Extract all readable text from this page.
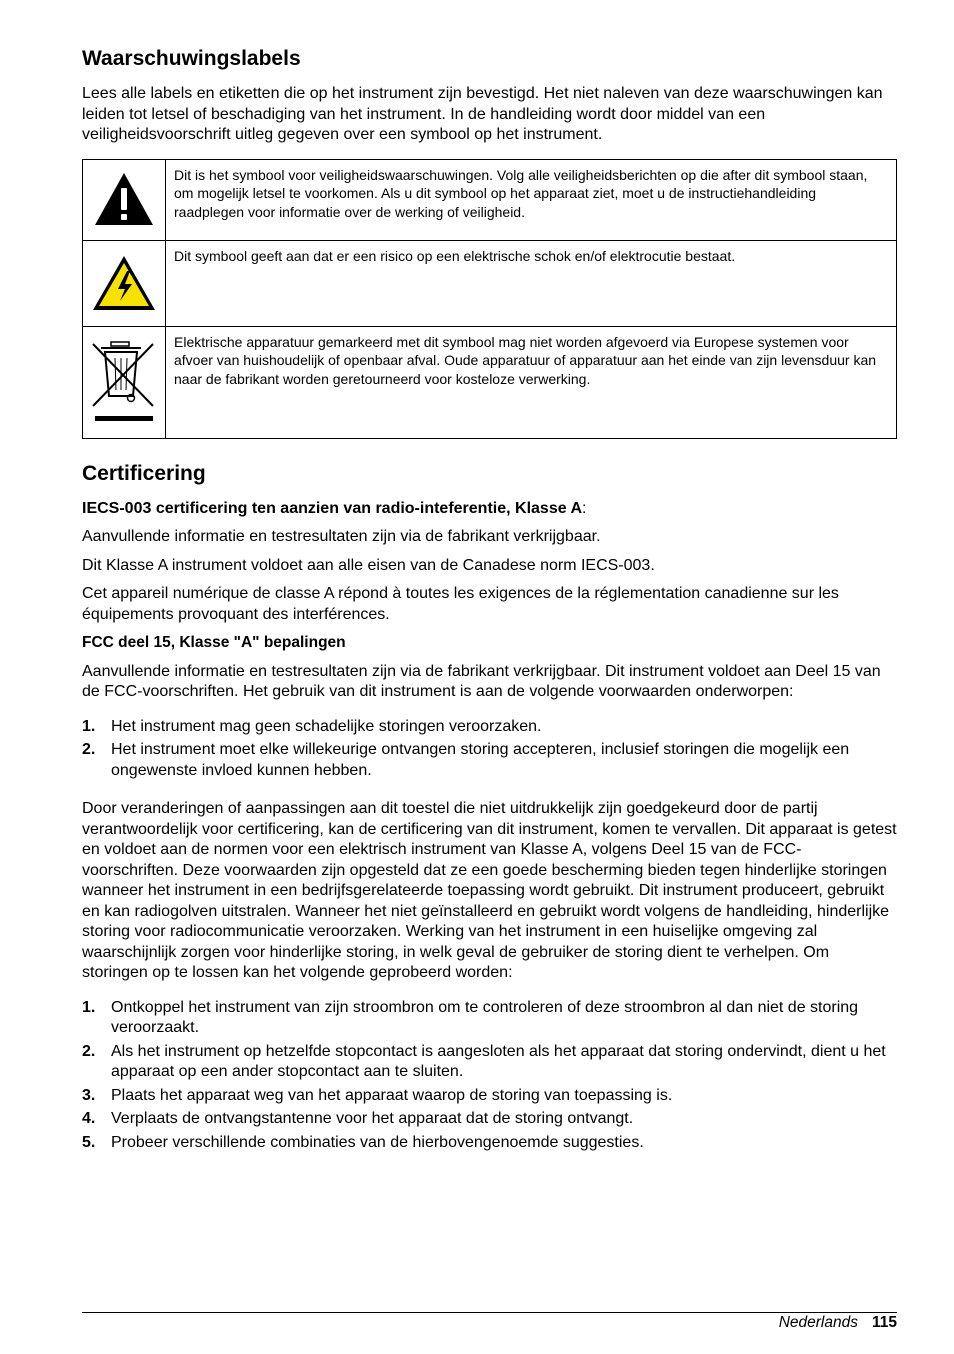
Waarschuwingslabels

Lees alle labels en etiketten die op het instrument zijn bevestigd. Het niet naleven van deze waarschuwingen kan leiden tot letsel of beschadiging van het instrument. In de handleiding wordt door middel van een veiligheidsvoorschrift uitleg gegeven over een symbool op het instrument.

	Dit is het symbool voor veiligheidswaarschuwingen. Volg alle veiligheidsberichten op die after dit symbool staan, om mogelijk letsel te voorkomen. Als u dit symbool op het apparaat ziet, moet u de instructiehandleiding raadplegen voor informatie over de werking of veiligheid.

	Dit symbool geeft aan dat er een risico op een elektrische schok en/of elektrocutie bestaat.

	Elektrische apparatuur gemarkeerd met dit symbool mag niet worden afgevoerd via Europese systemen voor afvoer van huishoudelijk of openbaar afval. Oude apparatuur of apparatuur aan het einde van zijn levensduur kan naar de fabrikant worden geretourneerd voor kosteloze verwerking.
Certificering

IECS-003 certificering ten aanzien van radio-inteferentie, Klasse A:

Aanvullende informatie en testresultaten zijn via de fabrikant verkrijgbaar.

Dit Klasse A instrument voldoet aan alle eisen van de Canadese norm IECS-003.

Cet appareil numérique de classe A répond à toutes les exigences de la réglementation canadienne sur les équipements provoquant des interférences.

FCC deel 15, Klasse "A" bepalingen

Aanvullende informatie en testresultaten zijn via de fabrikant verkrijgbaar. Dit instrument voldoet aan Deel 15 van de FCC-voorschriften. Het gebruik van dit instrument is aan de volgende voorwaarden onderworpen:

1. Het instrument mag geen schadelijke storingen veroorzaken.
2. Het instrument moet elke willekeurige ontvangen storing accepteren, inclusief storingen die mogelijk een ongewenste invloed kunnen hebben.

Door veranderingen of aanpassingen aan dit toestel die niet uitdrukkelijk zijn goedgekeurd door de partij verantwoordelijk voor certificering, kan de certificering van dit instrument, komen te vervallen. Dit apparaat is getest en voldoet aan de normen voor een elektrisch instrument van Klasse A, volgens Deel 15 van de FCC-voorschriften. Deze voorwaarden zijn opgesteld dat ze een goede bescherming bieden tegen hinderlijke storingen wanneer het instrument in een bedrijfsgerelateerde toepassing wordt gebruikt. Dit instrument produceert, gebruikt en kan radiogolven uitstralen. Wanneer het niet geïnstalleerd en gebruikt wordt volgens de handleiding, hinderlijke storing voor radiocommunicatie veroorzaken. Werking van het instrument in een huiselijke omgeving zal waarschijnlijk zorgen voor hinderlijke storing, in welk geval de gebruiker de storing dient te verhelpen. Om storingen op te lossen kan het volgende geprobeerd worden:

1. Ontkoppel het instrument van zijn stroombron om te controleren of deze stroombron al dan niet de storing veroorzaakt.
2. Als het instrument op hetzelfde stopcontact is aangesloten als het apparaat dat storing ondervindt, dient u het apparaat op een ander stopcontact aan te sluiten.
3. Plaats het apparaat weg van het apparaat waarop de storing van toepassing is.
4. Verplaats de ontvangstantenne voor het apparaat dat de storing ontvangt.
5. Probeer verschillende combinaties van de hierbovengenoemde suggesties.
Nederlands 115
